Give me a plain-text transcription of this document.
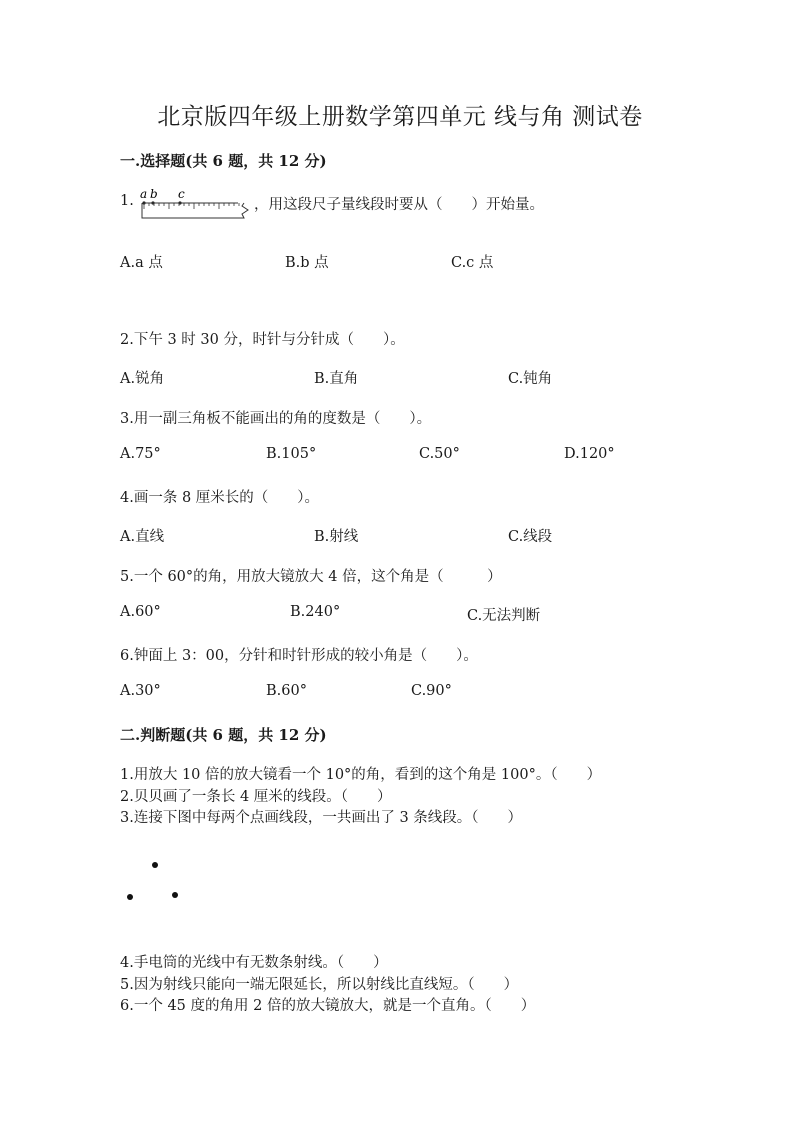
北京版四年级上册数学第四单元 线与角 测试卷
一.选择题(共 6 题，共 12 分)
1. a b c
，用这段尺子量线段时要从（　　）开始量。
A.a 点	B.b 点	C.c 点
2.下午 3 时 30 分，时针与分针成（　　）。
A.锐角	B.直角	C.钝角
3.用一副三角板不能画出的角的度数是（　　）。
A.75°	B.105°	C.50°	D.120°
4.画一条 8 厘米长的（　　）。
A.直线	B.射线	C.线段
5.一个 60°的角，用放大镜放大 4 倍，这个角是（　　　）
A.60°	B.240°	C.无法判断
6.钟面上 3：00，分针和时针形成的较小角是（　　）。
A.30°	B.60°	C.90°
二.判断题(共 6 题，共 12 分)
1.用放大 10 倍的放大镜看一个 10°的角，看到的这个角是 100°。（　　）
2.贝贝画了一条长 4 厘米的线段。（　　）
3.连接下图中每两个点画线段，一共画出了 3 条线段。（　　）
4.手电筒的光线中有无数条射线。（　　）
5.因为射线只能向一端无限延长，所以射线比直线短。（　　）
6.一个 45 度的角用 2 倍的放大镜放大，就是一个直角。（　　）
